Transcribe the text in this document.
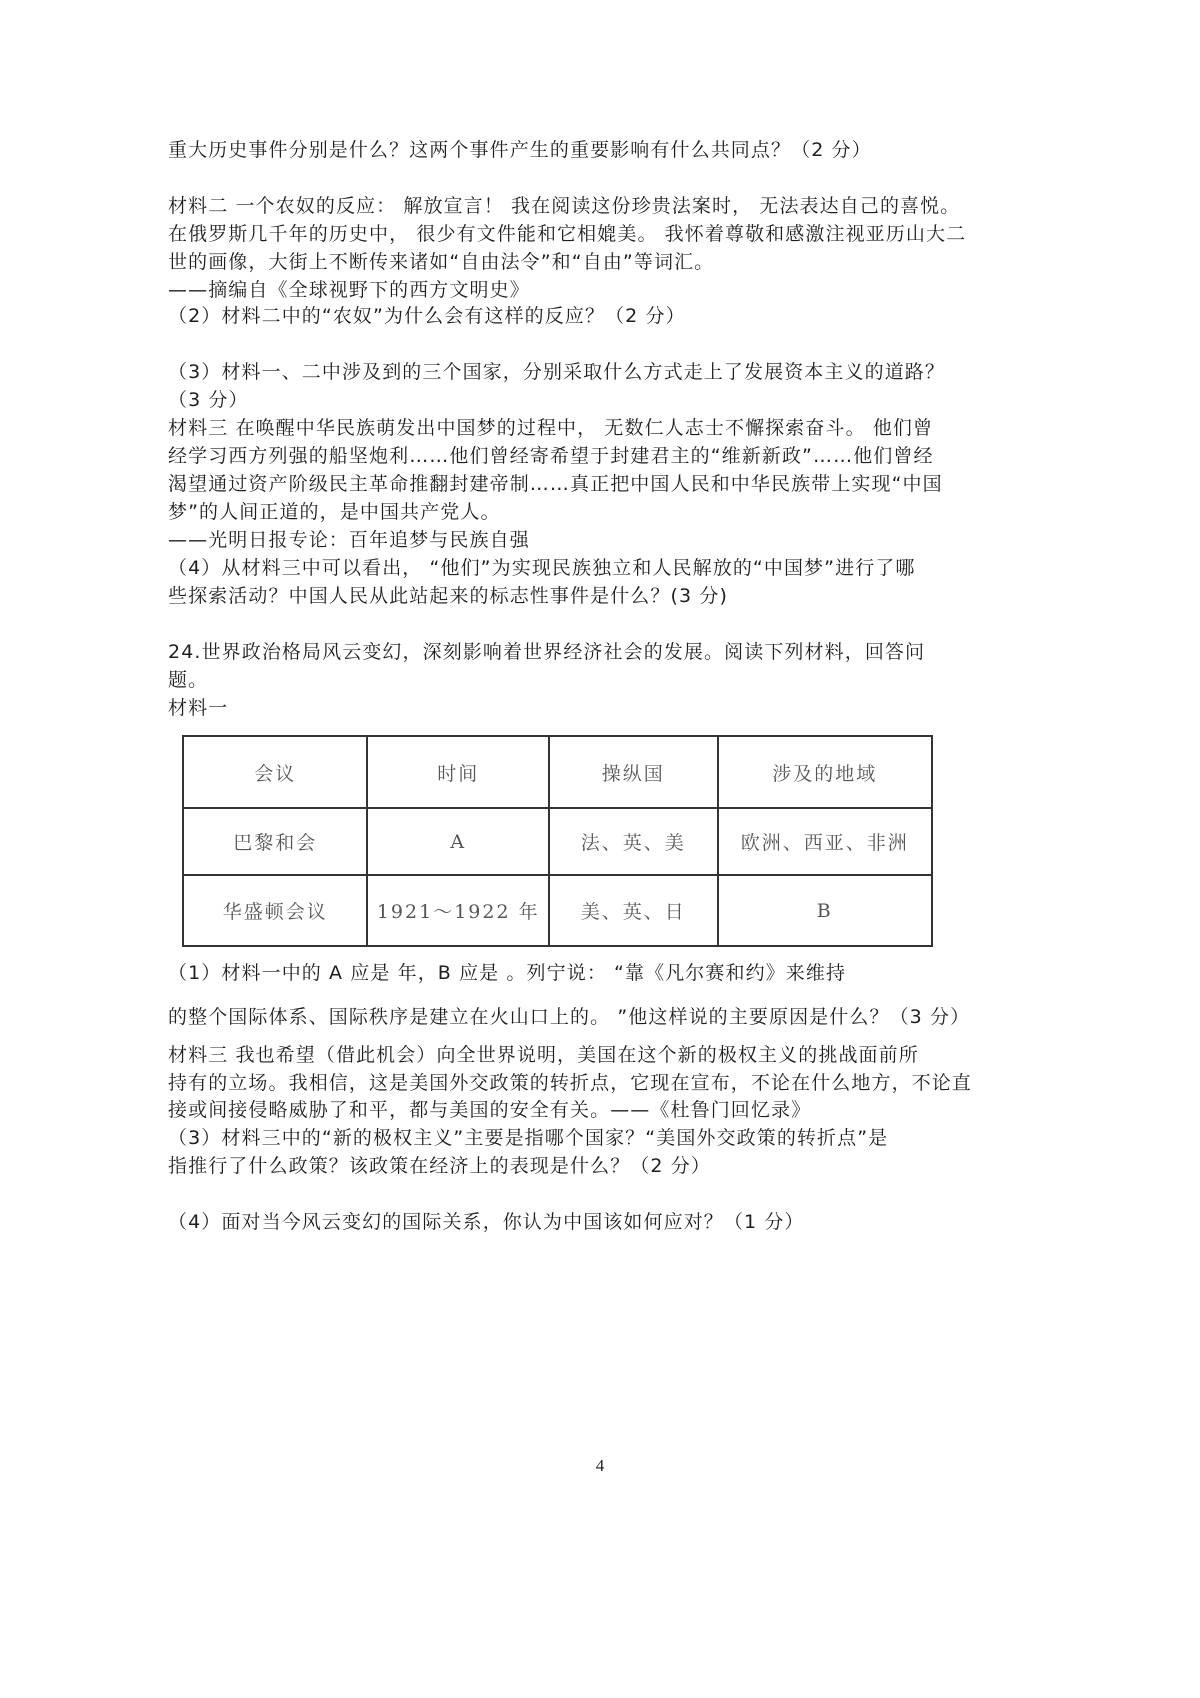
重大历史事件分别是什么？这两个事件产生的重要影响有什么共同点？（2 分）
材料二 一个农奴的反应： 解放宣言！ 我在阅读这份珍贵法案时， 无法表达自己的喜悦。
在俄罗斯几千年的历史中， 很少有文件能和它相媲美。 我怀着尊敬和感激注视亚历山大二
世的画像，大街上不断传来诸如“自由法令”和“自由”等词汇。
——摘编自《全球视野下的西方文明史》
（2）材料二中的“农奴”为什么会有这样的反应？（2 分）
（3）材料一、二中涉及到的三个国家，分别采取什么方式走上了发展资本主义的道路？
（3 分）
材料三 在唤醒中华民族萌发出中国梦的过程中， 无数仁人志士不懈探索奋斗。 他们曾
经学习西方列强的船坚炮利……他们曾经寄希望于封建君主的“维新新政”……他们曾经
渴望通过资产阶级民主革命推翻封建帝制……真正把中国人民和中华民族带上实现“中国
梦”的人间正道的，是中国共产党人。
——光明日报专论：百年追梦与民族自强
（4）从材料三中可以看出， “他们”为实现民族独立和人民解放的“中国梦”进行了哪
些探索活动？中国人民从此站起来的标志性事件是什么？(3 分)
24.世界政治格局风云变幻，深刻影响着世界经济社会的发展。阅读下列材料，回答问
题。
材料一
会议	时间	操纵国	涉及的地域
巴黎和会	A	法、英、美	欧洲、西亚、非洲
华盛顿会议	1921～1922 年	美、英、日	B
（1）材料一中的 A 应是 年，B 应是 。列宁说： “靠《凡尔赛和约》来维持
的整个国际体系、国际秩序是建立在火山口上的。 ”他这样说的主要原因是什么？（3 分）
材料三 我也希望（借此机会）向全世界说明，美国在这个新的极权主义的挑战面前所
持有的立场。我相信，这是美国外交政策的转折点，它现在宣布，不论在什么地方，不论直
接或间接侵略威胁了和平，都与美国的安全有关。——《杜鲁门回忆录》
（3）材料三中的“新的极权主义”主要是指哪个国家？“美国外交政策的转折点”是
指推行了什么政策？该政策在经济上的表现是什么？（2 分）
（4）面对当今风云变幻的国际关系，你认为中国该如何应对？（1 分）
4
